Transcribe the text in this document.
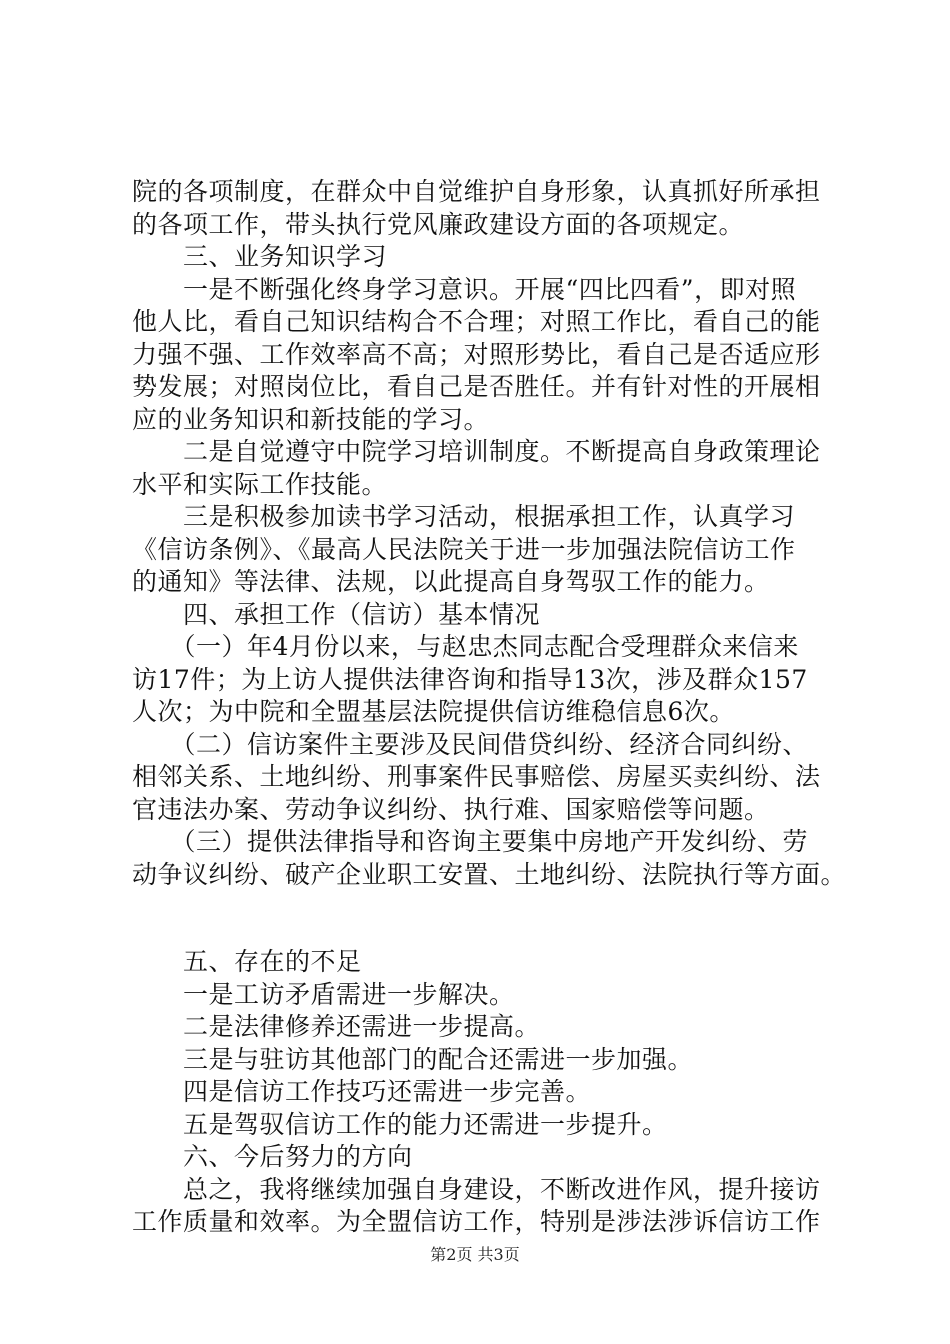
院的各项制度，在群众中自觉维护自身形象，认真抓好所承担
的各项工作，带头执行党风廉政建设方面的各项规定。
　　三、业务知识学习
　　一是不断强化终身学习意识。开展“四比四看”，即对照
他人比，看自己知识结构合不合理；对照工作比，看自己的能
力强不强、工作效率高不高；对照形势比，看自己是否适应形
势发展；对照岗位比，看自己是否胜任。并有针对性的开展相
应的业务知识和新技能的学习。
　　二是自觉遵守中院学习培训制度。不断提高自身政策理论
水平和实际工作技能。
　　三是积极参加读书学习活动，根据承担工作，认真学习
《信访条例》、《最高人民法院关于进一步加强法院信访工作
的通知》等法律、法规，以此提高自身驾驭工作的能力。
　　四、承担工作（信访）基本情况
　　（一）年4月份以来，与赵忠杰同志配合受理群众来信来
访17件；为上访人提供法律咨询和指导13次，涉及群众157
人次；为中院和全盟基层法院提供信访维稳信息6次。
　　（二）信访案件主要涉及民间借贷纠纷、经济合同纠纷、
相邻关系、土地纠纷、刑事案件民事赔偿、房屋买卖纠纷、法
官违法办案、劳动争议纠纷、执行难、国家赔偿等问题。
　　（三）提供法律指导和咨询主要集中房地产开发纠纷、劳
动争议纠纷、破产企业职工安置、土地纠纷、法院执行等方面。
　　五、存在的不足
　　一是工访矛盾需进一步解决。
　　二是法律修养还需进一步提高。
　　三是与驻访其他部门的配合还需进一步加强。
　　四是信访工作技巧还需进一步完善。
　　五是驾驭信访工作的能力还需进一步提升。
　　六、今后努力的方向
　　总之，我将继续加强自身建设，不断改进作风，提升接访
工作质量和效率。为全盟信访工作，特别是涉法涉诉信访工作
第2页 共3页
